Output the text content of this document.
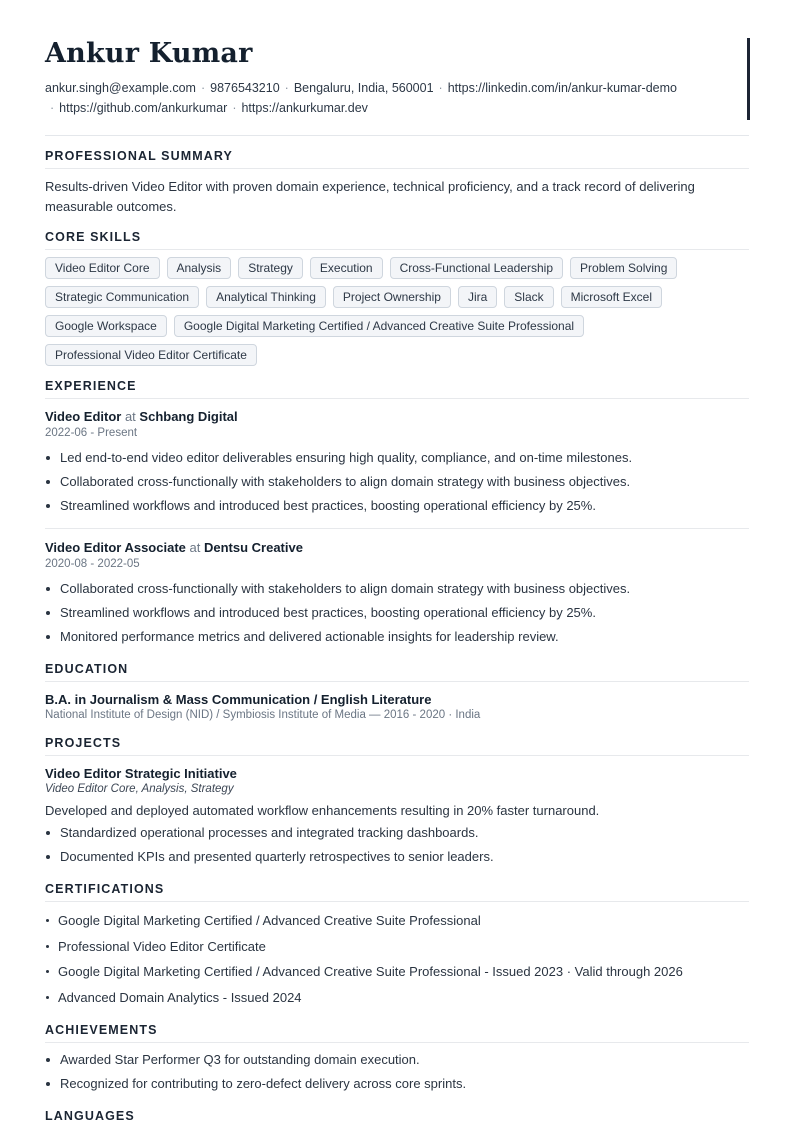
Ankur Kumar
ankur.singh@example.com · 9876543210 · Bengaluru, India, 560001 · https://linkedin.com/in/ankur-kumar-demo
· https://github.com/ankurkumar · https://ankurkumar.dev
PROFESSIONAL SUMMARY
Results-driven Video Editor with proven domain experience, technical proficiency, and a track record of delivering measurable outcomes.
CORE SKILLS
Video Editor Core	Analysis	Strategy	Execution	Cross-Functional Leadership	Problem Solving
Strategic Communication	Analytical Thinking	Project Ownership	Jira	Slack	Microsoft Excel
Google Workspace	Google Digital Marketing Certified / Advanced Creative Suite Professional
Professional Video Editor Certificate
EXPERIENCE
Video Editor at Schbang Digital
2022-06 - Present
Led end-to-end video editor deliverables ensuring high quality, compliance, and on-time milestones.
Collaborated cross-functionally with stakeholders to align domain strategy with business objectives.
Streamlined workflows and introduced best practices, boosting operational efficiency by 25%.
Video Editor Associate at Dentsu Creative
2020-08 - 2022-05
Collaborated cross-functionally with stakeholders to align domain strategy with business objectives.
Streamlined workflows and introduced best practices, boosting operational efficiency by 25%.
Monitored performance metrics and delivered actionable insights for leadership review.
EDUCATION
B.A. in Journalism & Mass Communication / English Literature
National Institute of Design (NID) / Symbiosis Institute of Media — 2016 - 2020 · India
PROJECTS
Video Editor Strategic Initiative
Video Editor Core, Analysis, Strategy
Developed and deployed automated workflow enhancements resulting in 20% faster turnaround.
Standardized operational processes and integrated tracking dashboards.
Documented KPIs and presented quarterly retrospectives to senior leaders.
CERTIFICATIONS
Google Digital Marketing Certified / Advanced Creative Suite Professional
Professional Video Editor Certificate
Google Digital Marketing Certified / Advanced Creative Suite Professional - Issued 2023 · Valid through 2026
Advanced Domain Analytics - Issued 2024
ACHIEVEMENTS
Awarded Star Performer Q3 for outstanding domain execution.
Recognized for contributing to zero-defect delivery across core sprints.
LANGUAGES
